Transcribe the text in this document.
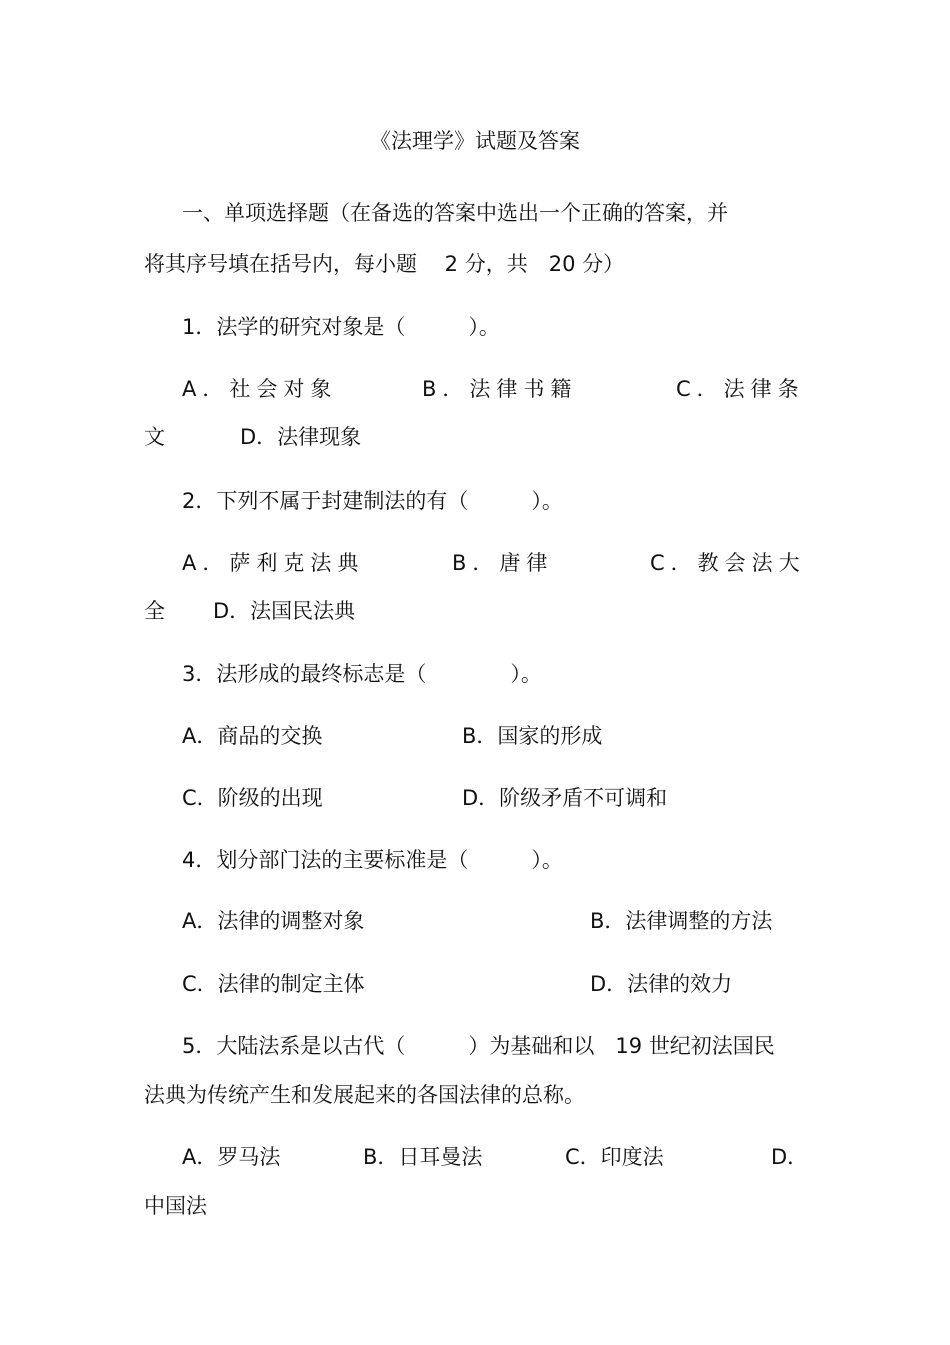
《法理学》试题及答案
一、单项选择题（在备选的答案中选出一个正确的答案，并
将其序号填在括号内，每小题　 2 分，共　20 分）
1．法学的研究对象是（　　　）。
A．社会对象	B．法律书籍	C．法律条
文	D．法律现象
2．下列不属于封建制法的有（　　　）。
A．萨利克法典	B．唐律	C．教会法大
全 D．法国民法典
3．法形成的最终标志是（　　　　）。
A．商品的交换	B．国家的形成
C．阶级的出现	D．阶级矛盾不可调和
4．划分部门法的主要标准是（　　　）。
A．法律的调整对象	B．法律调整的方法
C．法律的制定主体	D．法律的效力
5．大陆法系是以古代（　　　）为基础和以　19 世纪初法国民
法典为传统产生和发展起来的各国法律的总称。
A．罗马法	B．日耳曼法	C．印度法	D．
中国法
